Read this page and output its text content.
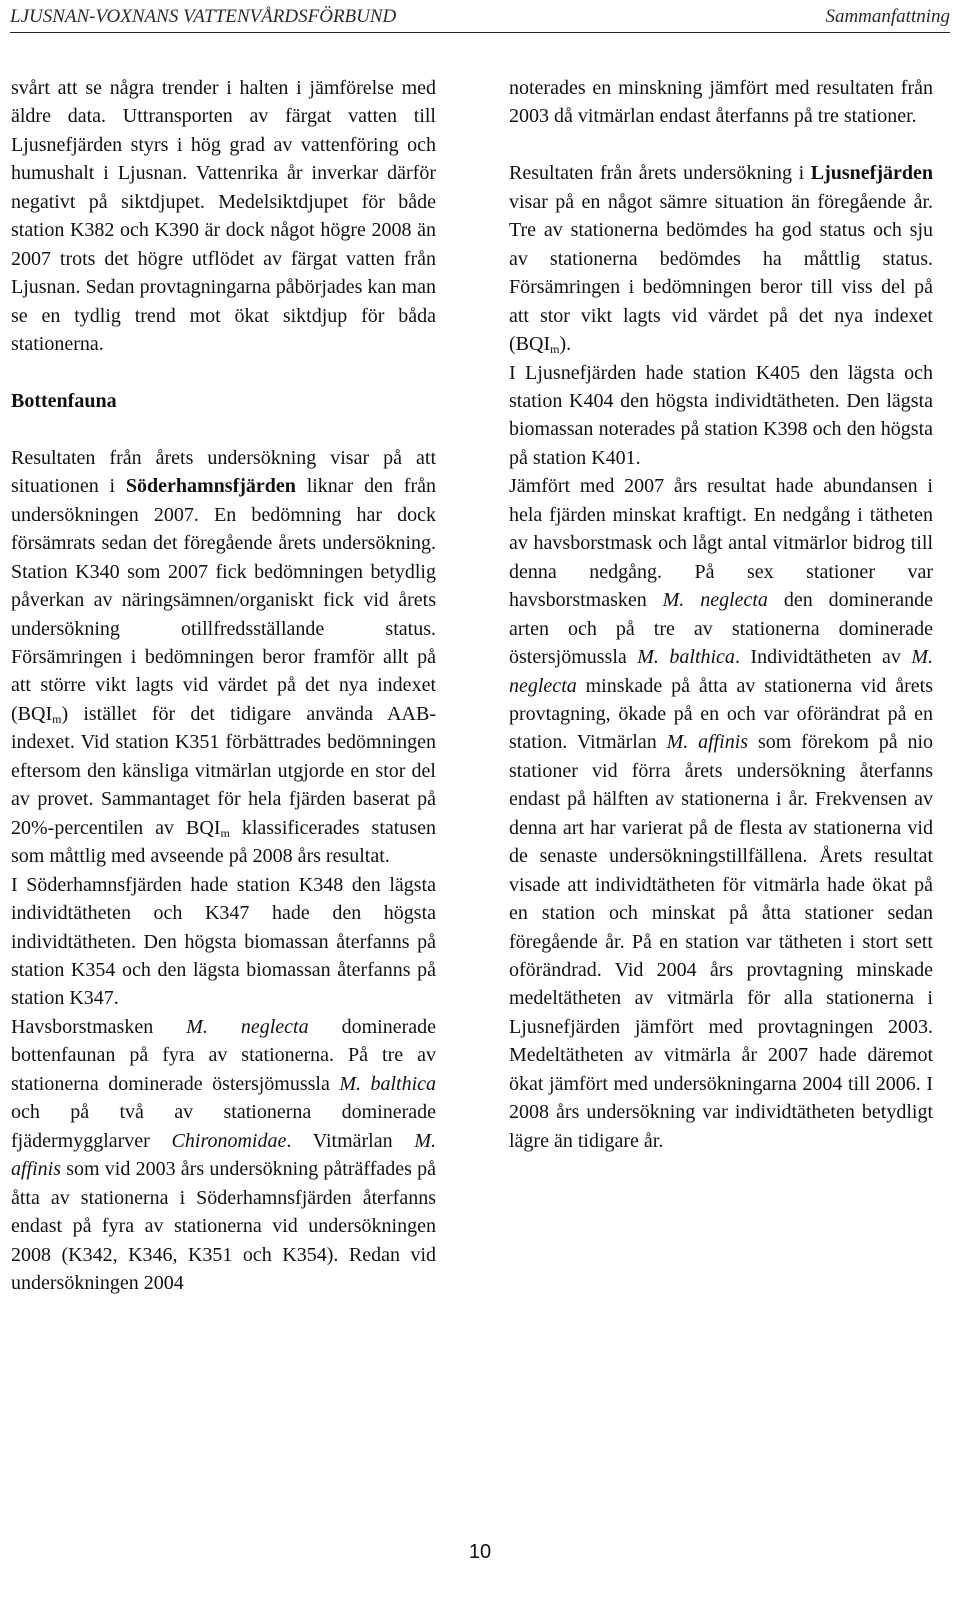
LJUSNAN-VOXNANS VATTENVÅRDSFÖRBUND	Sammanfattning

svårt att se några trender i halten i jämförelse med äldre data. Uttransporten av färgat vatten till Ljusnefjärden styrs i hög grad av vattenföring och humushalt i Ljusnan. Vattenrika år inverkar därför negativt på siktdjupet. Medelsiktdjupet för både station K382 och K390 är dock något högre 2008 än 2007 trots det högre utflödet av färgat vatten från Ljusnan. Sedan provtagningarna påbörjades kan man se en tydlig trend mot ökat siktdjup för båda stationerna.

Bottenfauna

Resultaten från årets undersökning visar på att situationen i Söderhamnsfjärden liknar den från undersökningen 2007. En bedömning har dock försämrats sedan det föregående årets undersökning. Station K340 som 2007 fick bedömningen betydlig påverkan av näringsämnen/organiskt fick vid årets undersökning otillfredsställande status. Försämringen i bedömningen beror framför allt på att större vikt lagts vid värdet på det nya indexet $(BQI_m)$ istället för det tidigare använda AAB-indexet. Vid station K351 förbättrades bedömningen eftersom den känsliga vitmärlan utgjorde en stor del av provet. Sammantaget för hela fjärden baserat på 20%-percentilen av $BQI_m$ klassificerades statusen som måttlig med avseende på 2008 års resultat.

I Söderhamnsfjärden hade station K348 den lägsta individtätheten och K347 hade den högsta individtätheten. Den högsta biomassan återfanns på station K354 och den lägsta biomassan återfanns på station K347.

Havsborstmasken M. neglecta dominerade bottenfaunan på fyra av stationerna. På tre av stationerna dominerade östersjömussla M. balthica och på två av stationerna dominerade fjädermygglarver Chironomidae. Vitmärlan M. affinis som vid 2003 års undersökning påträffades på åtta av stationerna i Söderhamnsfjärden återfanns endast på fyra av stationerna vid undersökningen 2008 (K342, K346, K351 och K354). Redan vid undersökningen 2004

noterades en minskning jämfört med resultaten från 2003 då vitmärlan endast återfanns på tre stationer.

Resultaten från årets undersökning i Ljusnefjärden visar på en något sämre situation än föregående år. Tre av stationerna bedömdes ha god status och sju av stationerna bedömdes ha måttlig status. Försämringen i bedömningen beror till viss del på att stor vikt lagts vid värdet på det nya indexet $(BQI_m)$.

I Ljusnefjärden hade station K405 den lägsta och station K404 den högsta individtätheten. Den lägsta biomassan noterades på station K398 och den högsta på station K401.

Jämfört med 2007 års resultat hade abundansen i hela fjärden minskat kraftigt. En nedgång i tätheten av havsborstmask och lågt antal vitmärlor bidrog till denna nedgång. På sex stationer var havsborstmasken M. neglecta den dominerande arten och på tre av stationerna dominerade östersjömussla M. balthica. Individtätheten av M. neglecta minskade på åtta av stationerna vid årets provtagning, ökade på en och var oförändrat på en station. Vitmärlan M. affinis som förekom på nio stationer vid förra årets undersökning återfanns endast på hälften av stationerna i år. Frekvensen av denna art har varierat på de flesta av stationerna vid de senaste undersökningstillfällena. Årets resultat visade att individtätheten för vitmärla hade ökat på en station och minskat på åtta stationer sedan föregående år. På en station var tätheten i stort sett oförändrad. Vid 2004 års provtagning minskade medeltätheten av vitmärla för alla stationerna i Ljusnefjärden jämfört med provtagningen 2003. Medeltätheten av vitmärla år 2007 hade däremot ökat jämfört med undersökningarna 2004 till 2006. I 2008 års undersökning var individtätheten betydligt lägre än tidigare år.

10
